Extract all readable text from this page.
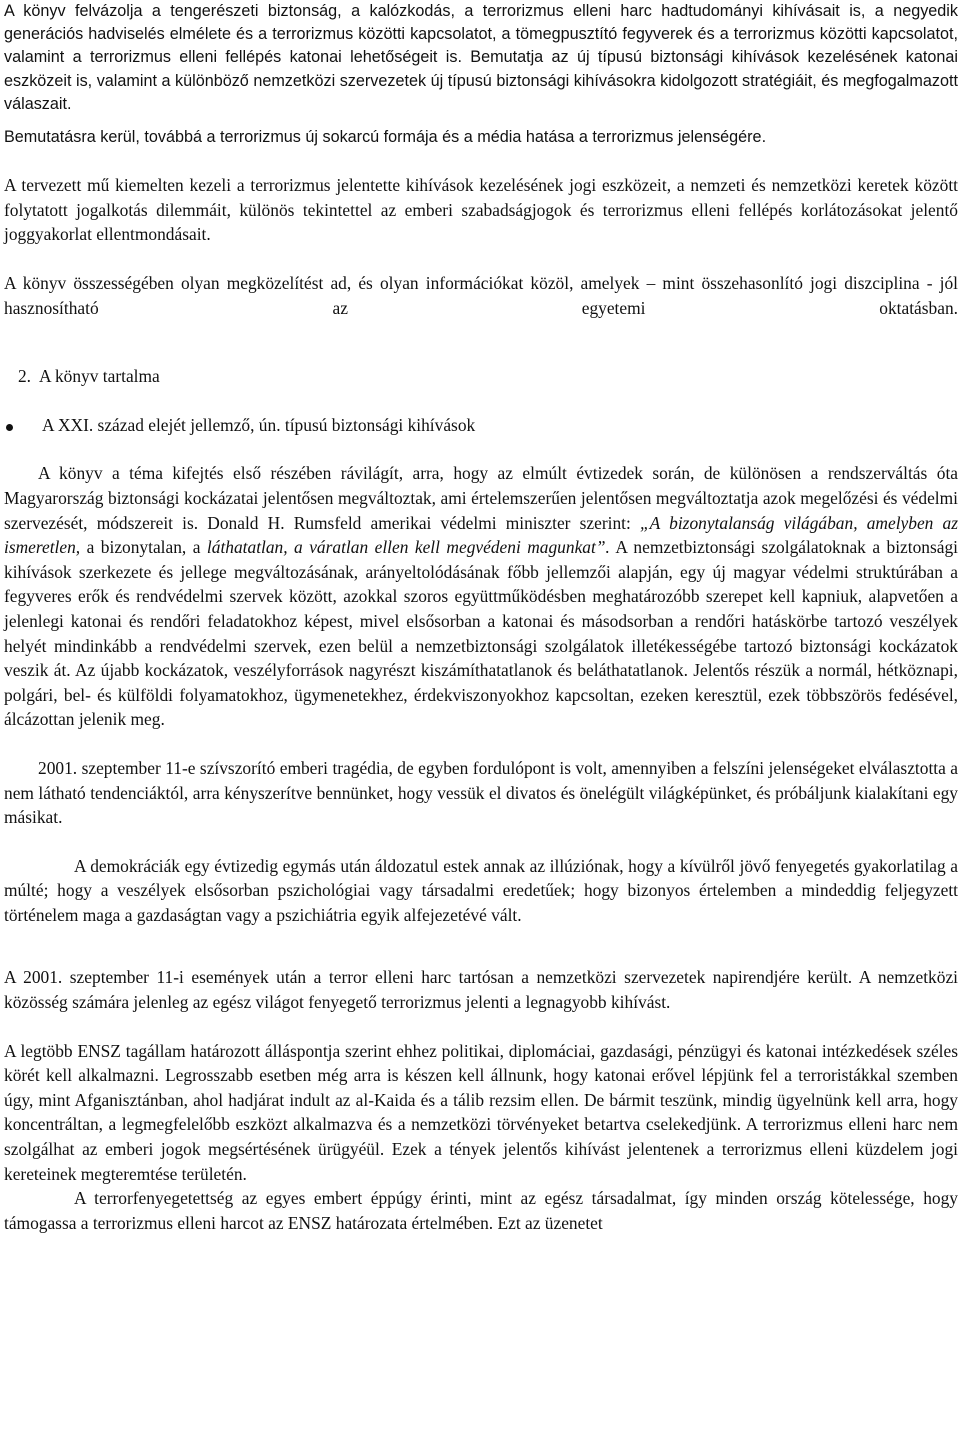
A könyv felvázolja a tengerészeti biztonság, a kalózkodás, a terrorizmus elleni harc hadtudományi kihívásait is, a negyedik generációs hadviselés elmélete és a terrorizmus közötti kapcsolatot, a tömegpusztító fegyverek és a terrorizmus közötti kapcsolatot, valamint a terrorizmus elleni fellépés katonai lehetőségeit is. Bemutatja az új típusú biztonsági kihívások kezelésének katonai eszközeit is, valamint a különböző nemzetközi szervezetek új típusú biztonsági kihívásokra kidolgozott stratégiáit, és megfogalmazott válaszait.

Bemutatásra kerül, továbbá a terrorizmus új sokarcú formája és a média hatása a terrorizmus jelenségére.

A tervezett mű kiemelten kezeli a terrorizmus jelentette kihívások kezelésének jogi eszközeit, a nemzeti és nemzetközi keretek között folytatott jogalkotás dilemmáit, különös tekintettel az emberi szabadságjogok és terrorizmus elleni fellépés korlátozásokat jelentő joggyakorlat ellentmondásait.

A könyv összességében olyan megközelítést ad, és olyan információkat közöl, amelyek – mint összehasonlító jogi diszciplina - jól hasznosítható az egyetemi oktatásban.

2. A könyv tartalma
A XXI. század elejét jellemző, ún. típusú biztonsági kihívások

A könyv a téma kifejtés első részében rávilágít, arra, hogy az elmúlt évtizedek során, de különösen a rendszerváltás óta Magyarország biztonsági kockázatai jelentősen megváltoztak, ami értelemszerűen jelentősen megváltoztatja azok megelőzési és védelmi szervezését, módszereit is. Donald H. Rumsfeld amerikai védelmi miniszter szerint: „A bizonytalanság világában, amelyben az ismeretlen, a bizonytalan, a láthatatlan, a váratlan ellen kell megvédeni magunkat”. A nemzetbiztonsági szolgálatoknak a biztonsági kihívások szerkezete és jellege megváltozásának, arányeltolódásának főbb jellemzői alapján, egy új magyar védelmi struktúrában a fegyveres erők és rendvédelmi szervek között, azokkal szoros együttműködésben meghatározóbb szerepet kell kapniuk, alapvetően a jelenlegi katonai és rendőri feladatokhoz képest, mivel elsősorban a katonai és másodsorban a rendőri hatáskörbe tartozó veszélyek helyét mindinkább a rendvédelmi szervek, ezen belül a nemzetbiztonsági szolgálatok illetékességébe tartozó biztonsági kockázatok veszik át. Az újabb kockázatok, veszélyforrások nagyrészt kiszámíthatatlanok és beláthatatlanok. Jelentős részük a normál, hétköznapi, polgári, bel- és külföldi folyamatokhoz, ügymenetekhez, érdekviszonyokhoz kapcsoltan, ezeken keresztül, ezek többszörös fedésével, álcázottan jelenik meg.

2001. szeptember 11-e szívszorító emberi tragédia, de egyben fordulópont is volt, amennyiben a felszíni jelenségeket elválasztotta a nem látható tendenciáktól, arra kényszerítve bennünket, hogy vessük el divatos és önelégült világképünket, és próbáljunk kialakítani egy másikat.

A demokráciák egy évtizedig egymás után áldozatul estek annak az illúziónak, hogy a kívülről jövő fenyegetés gyakorlatilag a múlté; hogy a veszélyek elsősorban pszichológiai vagy társadalmi eredetűek; hogy bizonyos értelemben a mindeddig feljegyzett történelem maga a gazdaságtan vagy a pszichiátria egyik alfejezetévé vált.

A 2001. szeptember 11-i események után a terror elleni harc tartósan a nemzetközi szervezetek napirendjére került. A nemzetközi közösség számára jelenleg az egész világot fenyegető terrorizmus jelenti a legnagyobb kihívást.

A legtöbb ENSZ tagállam határozott álláspontja szerint ehhez politikai, diplomáciai, gazdasági, pénzügyi és katonai intézkedések széles körét kell alkalmazni. Legrosszabb esetben még arra is készen kell állnunk, hogy katonai erővel lépjünk fel a terroristákkal szemben úgy, mint Afganisztánban, ahol hadjárat indult az al-Kaida és a tálib rezsim ellen. De bármit teszünk, mindig ügyelnünk kell arra, hogy koncentráltan, a legmegfelelőbb eszközt alkalmazva és a nemzetközi törvényeket betartva cselekedjünk. A terrorizmus elleni harc nem szolgálhat az emberi jogok megsértésének ürügyéül. Ezek a tények jelentős kihívást jelentenek a terrorizmus elleni küzdelem jogi kereteinek megteremtése területén.

A terrorfenyegetettség az egyes embert éppúgy érinti, mint az egész társadalmat, így minden ország kötelessége, hogy támogassa a terrorizmus elleni harcot az ENSZ határozata értelmében. Ezt az üzenetet
